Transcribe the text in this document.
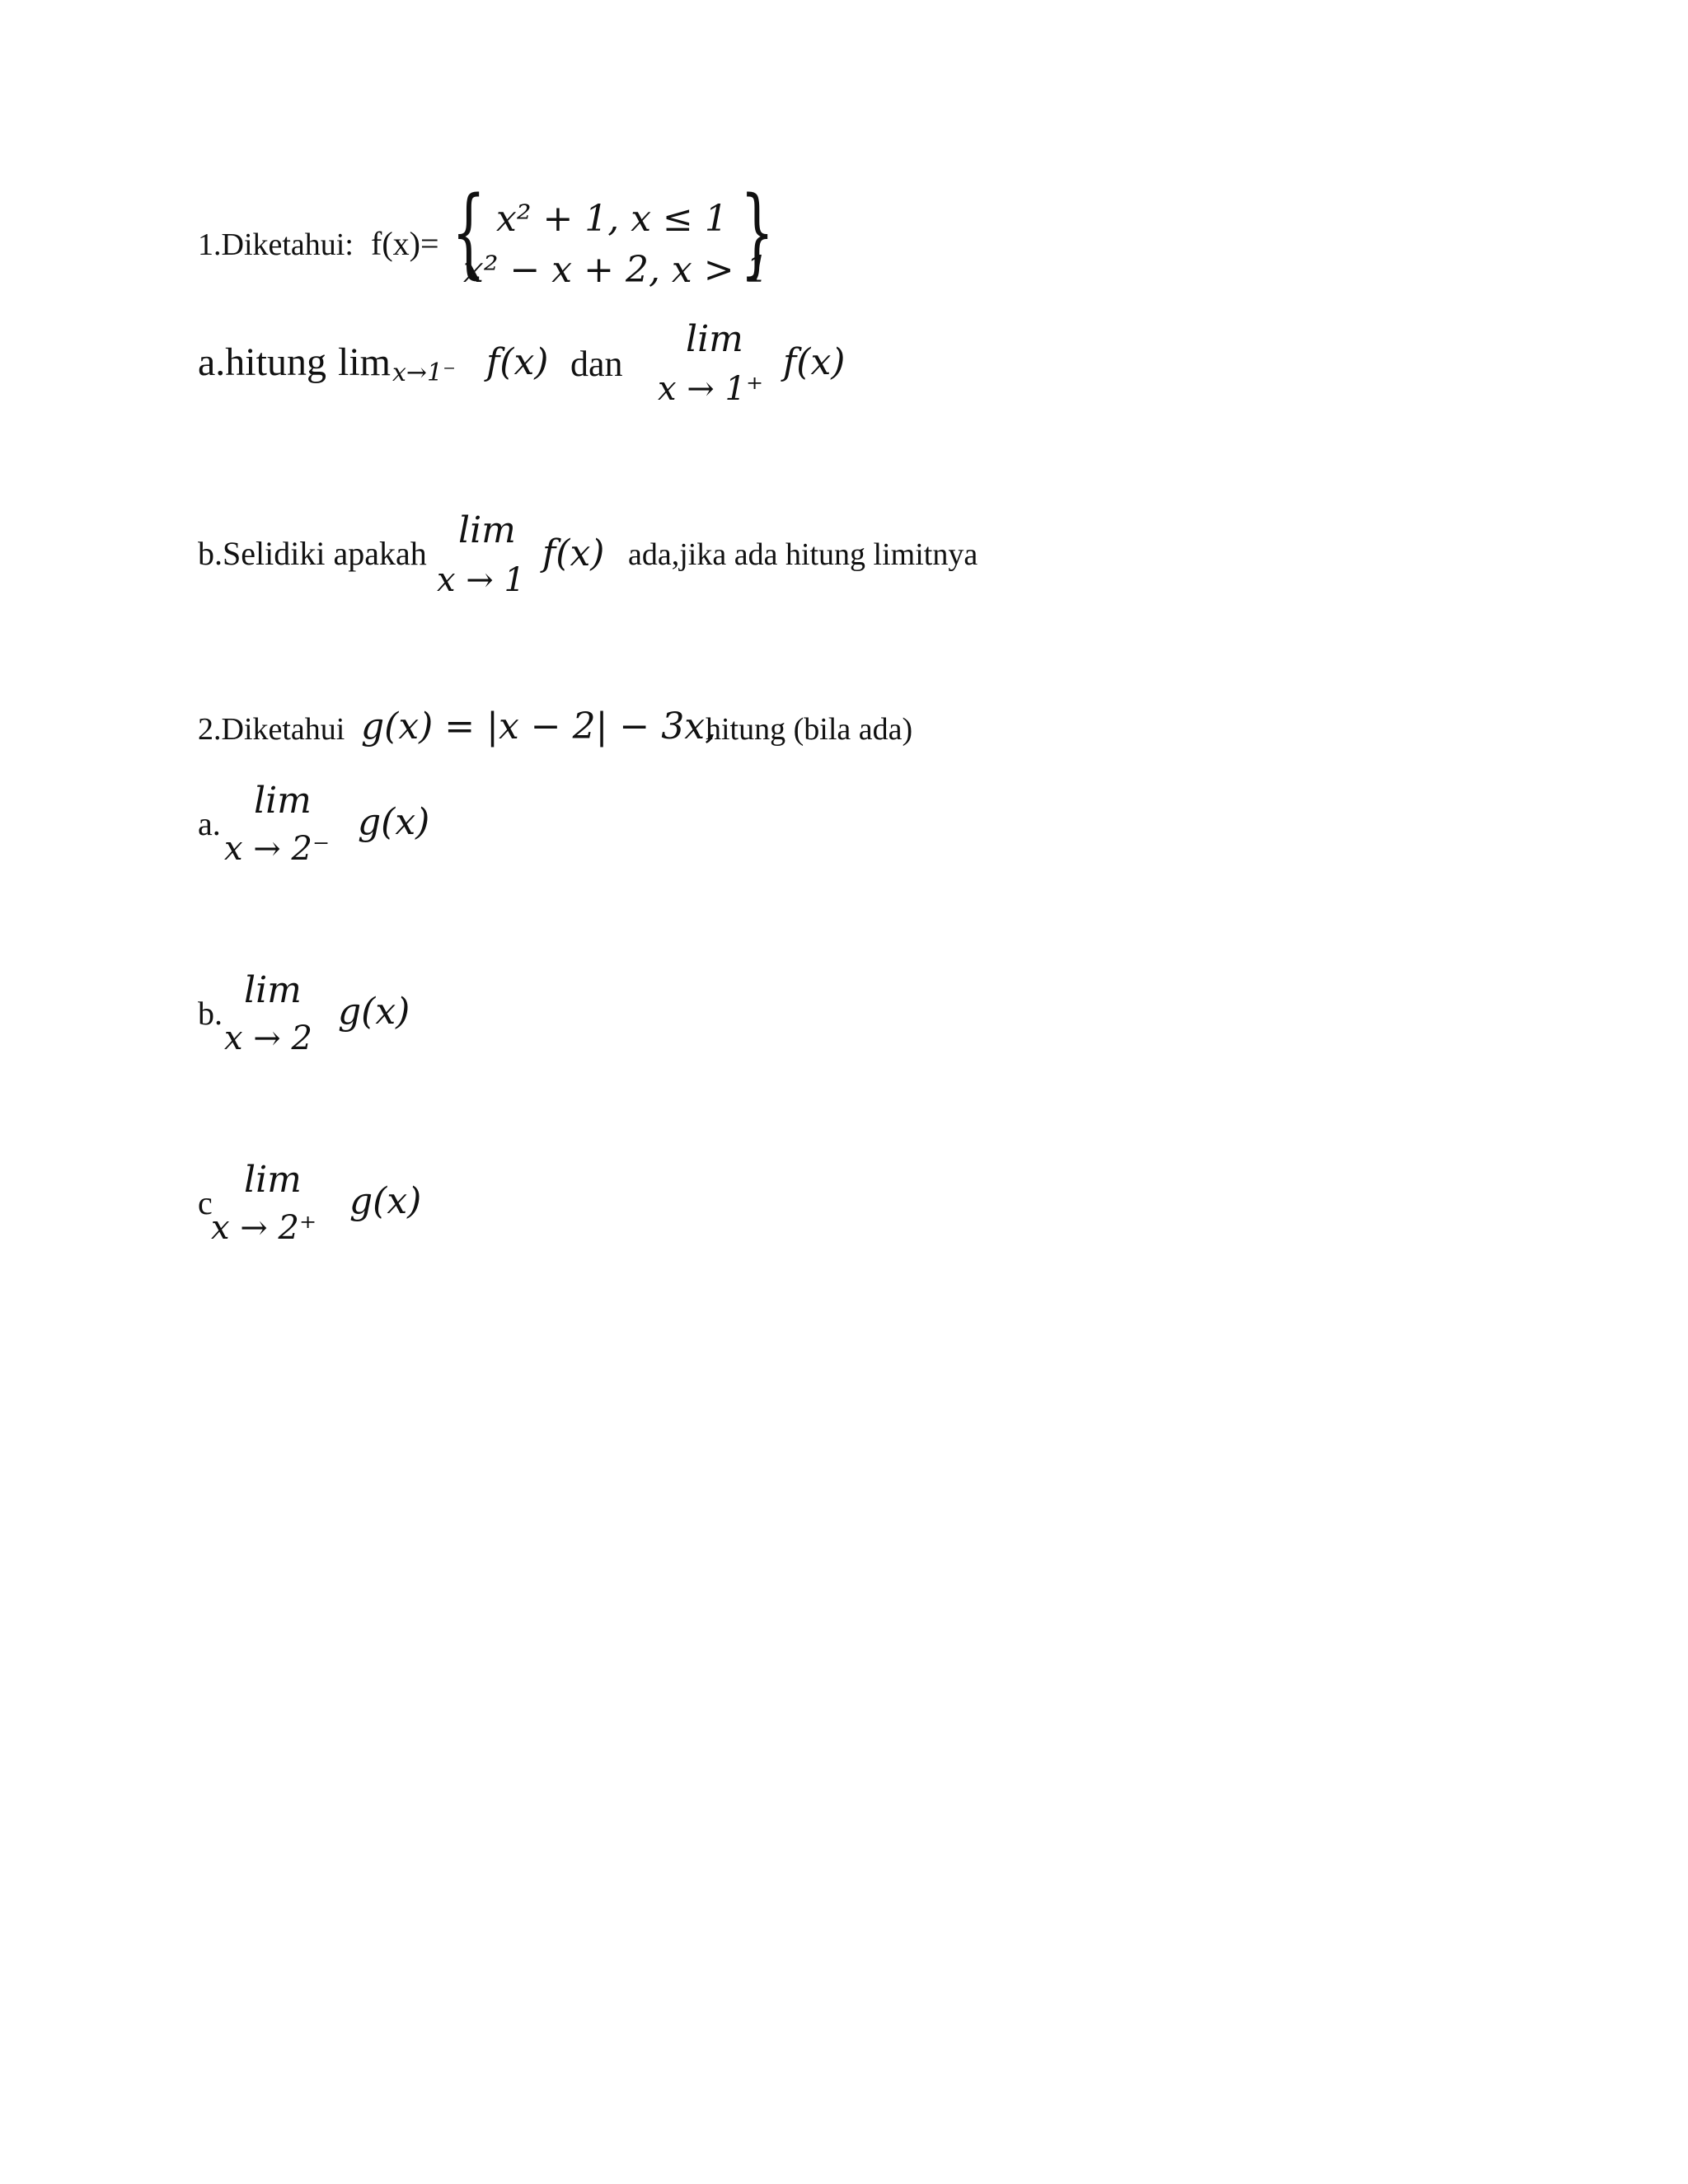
1.Diketahui: f(x)= { x² + 1, x ≤ 1
x² − x + 2, x > 1
}
a.hitung lim x→1⁻ f(x) dan
lim
x → 1⁺
f(x)
b.Selidiki apakah
lim
x → 1
f(x) ada,jika ada hitung limitnya
2.Diketahui g(x) = |x − 2| − 3x,
hitung (bila ada)
a.
lim
x → 2⁻
g(x)
b.
lim
x → 2
g(x)
c
lim
x → 2⁺
g(x)
